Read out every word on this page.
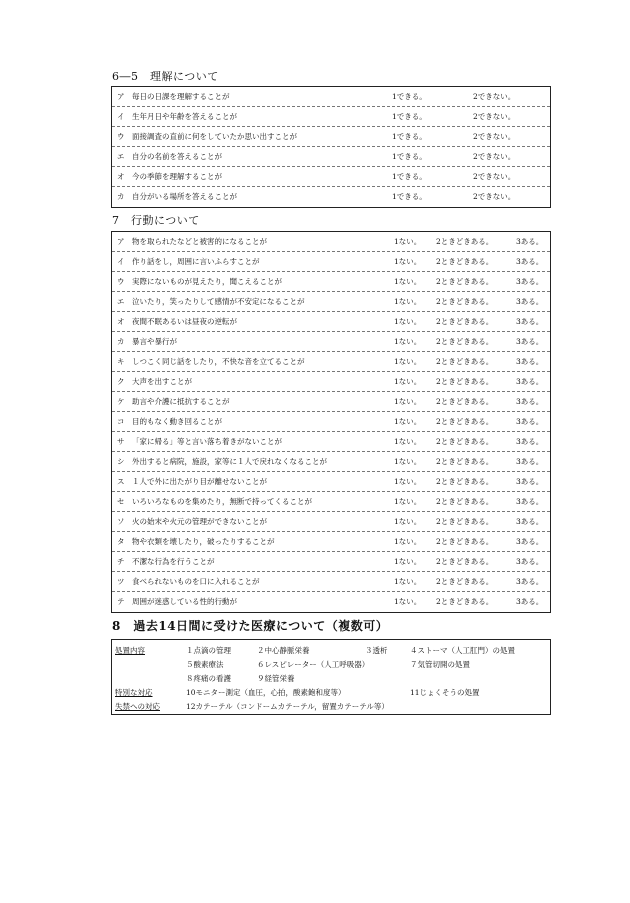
6―5　理解について
ア 毎日の日課を理解することが	1できる。	2できない。
イ 生年月日や年齢を答えることが	1できる。	2できない。
ウ 面接調査の直前に何をしていたか思い出すことが	1できる。	2できない。
エ 自分の名前を答えることが	1できる。	2できない。
オ 今の季節を理解することが	1できる。	2できない。
カ 自分がいる場所を答えることが	1できる。	2できない。
7　行動について
ア 物を取られたなどと被害的になることが	1ない。 2ときどきある。	3ある。
イ 作り話をし，周囲に言いふらすことが	1ない。 2ときどきある。	3ある。
ウ 実際にないものが見えたり，聞こえることが	1ない。 2ときどきある。	3ある。
エ 泣いたり，笑ったりして感情が不安定になることが	1ない。 2ときどきある。	3ある。
オ 夜間不眠あるいは昼夜の逆転が	1ない。 2ときどきある。	3ある。
カ 暴言や暴行が	1ない。 2ときどきある。	3ある。
キ しつこく同じ話をしたり，不快な音を立てることが	1ない。 2ときどきある。	3ある。
ク 大声を出すことが	1ない。 2ときどきある。	3ある。
ケ 助言や介護に抵抗することが	1ない。 2ときどきある。	3ある。
コ 目的もなく動き回ることが	1ない。 2ときどきある。	3ある。
サ 「家に帰る」等と言い落ち着きがないことが	1ない。 2ときどきある。	3ある。
シ 外出すると病院，施設，家等に１人で戻れなくなることが	1ない。 2ときどきある。	3ある。
ス １人で外に出たがり目が離せないことが	1ない。 2ときどきある。	3ある。
セ いろいろなものを集めたり，無断で持ってくることが	1ない。 2ときどきある。	3ある。
ソ 火の始末や火元の管理ができないことが	1ない。 2ときどきある。	3ある。
タ 物や衣類を壊したり，破ったりすることが	1ない。 2ときどきある。	3ある。
チ 不潔な行為を行うことが	1ない。 2ときどきある。	3ある。
ツ 食べられないものを口に入れることが	1ない。 2ときどきある。	3ある。
テ 周囲が迷惑している性的行動が	1ない。 2ときどきある。	3ある。
8　過去14日間に受けた医療について（複数可）
処置内容	１点滴の管理	２中心静脈栄養	３透析	４ストーマ（人工肛門）の処置
５酸素療法	６レスピレーター（人工呼吸器）	７気管切開の処置
８疼痛の看護	９経管栄養
特別な対応	10モニター測定（血圧，心拍，酸素飽和度等）	11じょくそうの処置
失禁への対応	12カテーテル（コンドームカテーテル，留置カテーテル等）
